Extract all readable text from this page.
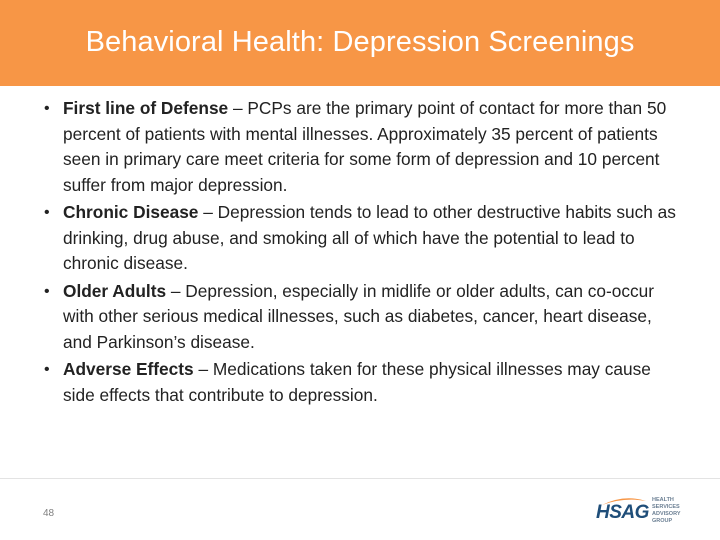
Behavioral Health: Depression Screenings
• First line of Defense – PCPs are the primary point of contact for more than 50 percent of patients with mental illnesses. Approximately 35 percent of patients seen in primary care meet criteria for some form of depression and 10 percent suffer from major depression.
• Chronic Disease – Depression tends to lead to other destructive habits such as drinking, drug abuse, and smoking all of which have the potential to lead to chronic disease.
• Older Adults – Depression, especially in midlife or older adults, can co-occur with other serious medical illnesses, such as diabetes, cancer, heart disease, and Parkinson’s disease.
• Adverse Effects – Medications taken for these physical illnesses may cause side effects that contribute to depression.
48	HSAG
HEALTH SERVICES
ADVISORY GROUP
